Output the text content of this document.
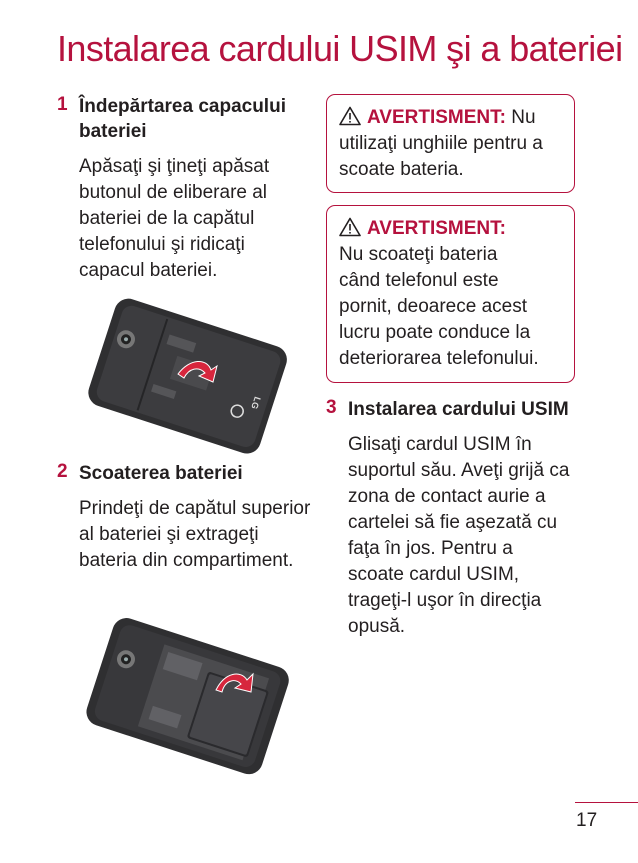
Instalarea cardului USIM şi a bateriei
1 Îndepărtarea capacului bateriei

Apăsaţi şi ţineţi apăsat butonul de eliberare al bateriei de la capătul telefonului şi ridicaţi capacul bateriei.

LG
2 Scoaterea bateriei

Prindeţi de capătul superior al bateriei şi extrageţi bateria din compartiment.

AVERTISMENT: Nu utilizaţi unghiile pentru a scoate bateria.
AVERTISMENT:
Nu scoateţi bateria când telefonul este pornit, deoarece acest lucru poate conduce la deteriorarea telefonului.
3 Instalarea cardului USIM

Glisaţi cardul USIM în suportul său. Aveţi grijă ca zona de contact aurie a cartelei să fie aşezată cu faţa în jos. Pentru a scoate cardul USIM, trageţi-l uşor în direcţia opusă.

17
